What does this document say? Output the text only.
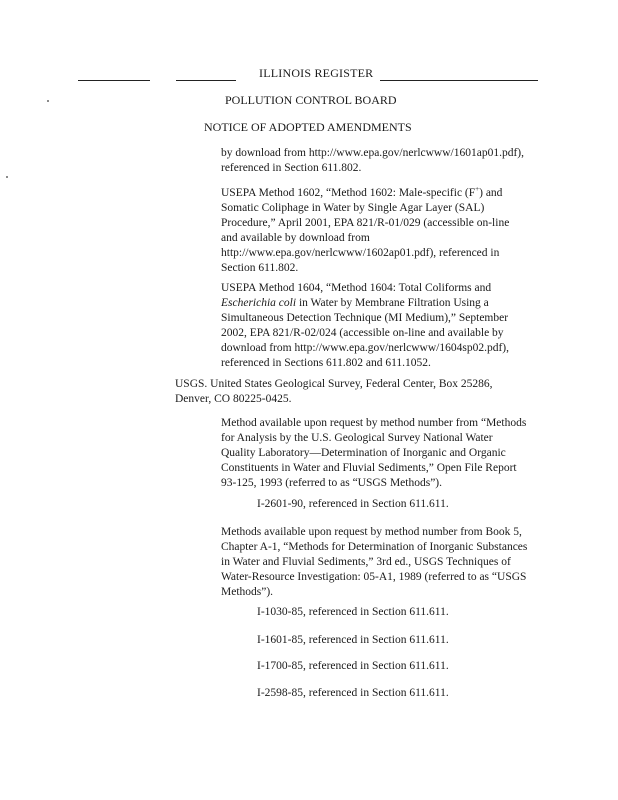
ILLINOIS REGISTER
POLLUTION CONTROL BOARD
NOTICE OF ADOPTED AMENDMENTS
by download from http://www.epa.gov/nerlcwww/1601ap01.pdf),
referenced in Section 611.802.
USEPA Method 1602, “Method 1602: Male-specific (F+) and
Somatic Coliphage in Water by Single Agar Layer (SAL)
Procedure,” April 2001, EPA 821/R-01/029 (accessible on-line
and available by download from
http://www.epa.gov/nerlcwww/1602ap01.pdf), referenced in
Section 611.802.
USEPA Method 1604, “Method 1604: Total Coliforms and
Escherichia coli in Water by Membrane Filtration Using a
Simultaneous Detection Technique (MI Medium),” September
2002, EPA 821/R-02/024 (accessible on-line and available by
download from http://www.epa.gov/nerlcwww/1604sp02.pdf),
referenced in Sections 611.802 and 611.1052.
USGS. United States Geological Survey, Federal Center, Box 25286,
Denver, CO 80225-0425.
Method available upon request by method number from “Methods
for Analysis by the U.S. Geological Survey National Water
Quality Laboratory—Determination of Inorganic and Organic
Constituents in Water and Fluvial Sediments,” Open File Report
93-125, 1993 (referred to as “USGS Methods”).

I-2601-90, referenced in Section 611.611.

Methods available upon request by method number from Book 5,
Chapter A-1, “Methods for Determination of Inorganic Substances
in Water and Fluvial Sediments,” 3rd ed., USGS Techniques of
Water-Resource Investigation: 05-A1, 1989 (referred to as “USGS
Methods”).

I-1030-85, referenced in Section 611.611.

I-1601-85, referenced in Section 611.611.

I-1700-85, referenced in Section 611.611.

I-2598-85, referenced in Section 611.611.
